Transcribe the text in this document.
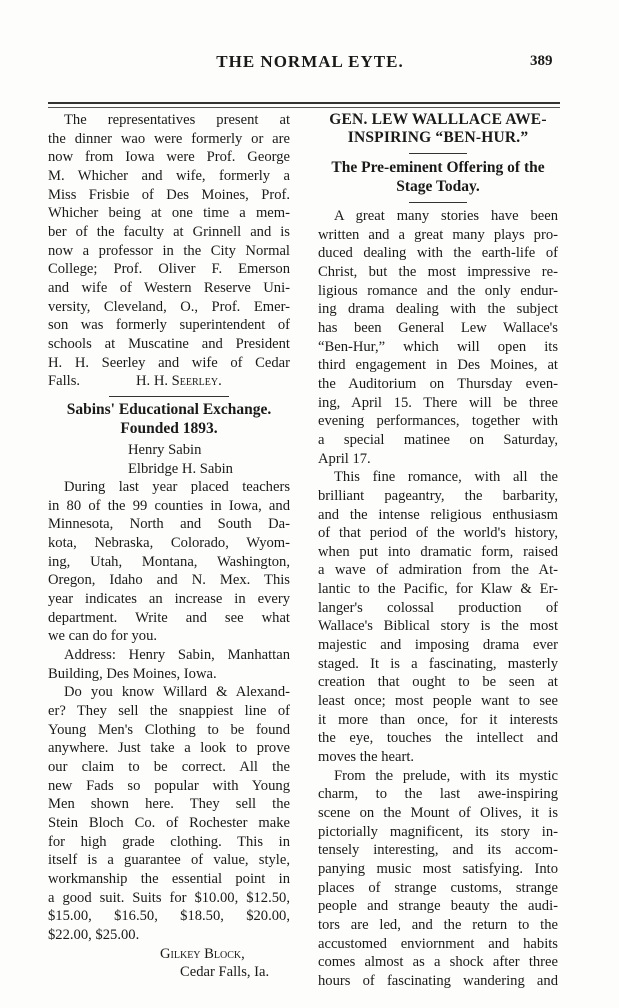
THE NORMAL EYTE.	389
The representatives present at
the dinner wao were formerly or are
now from Iowa were Prof. George
M. Whicher and wife, formerly a
Miss Frisbie of Des Moines, Prof.
Whicher being at one time a mem-
ber of the faculty at Grinnell and is
now a professor in the City Normal
College; Prof. Oliver F. Emerson
and wife of Western Reserve Uni-
versity, Cleveland, O., Prof. Emer-
son was formerly superintendent of
schools at Muscatine and President
H. H. Seerley and wife of Cedar
Falls.	H. H. Seerley.
Sabins' Educational Exchange.
Founded 1893.
Henry Sabin
Elbridge H. Sabin
During last year placed teachers
in 80 of the 99 counties in Iowa, and
Minnesota, North and South Da-
kota, Nebraska, Colorado, Wyom-
ing, Utah, Montana, Washington,
Oregon, Idaho and N. Mex. This
year indicates an increase in every
department. Write and see what
we can do for you.
Address: Henry Sabin, Manhattan
Building, Des Moines, Iowa.
Do you know Willard & Alexand-
er? They sell the snappiest line of
Young Men's Clothing to be found
anywhere. Just take a look to prove
our claim to be correct. All the
new Fads so popular with Young
Men shown here. They sell the
Stein Bloch Co. of Rochester make
for high grade clothing. This in
itself is a guarantee of value, style,
workmanship the essential point in
a good suit. Suits for $10.00, $12.50,
$15.00, $16.50, $18.50, $20.00,
$22.00, $25.00.
Gilkey Block,
Cedar Falls, Ia.
GEN. LEW WALLLACE AWE-
INSPIRING “BEN-HUR.”
The Pre-eminent Offering of the
Stage Today.
A great many stories have been
written and a great many plays pro-
duced dealing with the earth-life of
Christ, but the most impressive re-
ligious romance and the only endur-
ing drama dealing with the subject
has been General Lew Wallace's
“Ben-Hur,” which will open its
third engagement in Des Moines, at
the Auditorium on Thursday even-
ing, April 15. There will be three
evening performances, together with
a special matinee on Saturday,
April 17.
This fine romance, with all the
brilliant pageantry, the barbarity,
and the intense religious enthusiasm
of that period of the world's history,
when put into dramatic form, raised
a wave of admiration from the At-
lantic to the Pacific, for Klaw & Er-
langer's colossal production of
Wallace's Biblical story is the most
majestic and imposing drama ever
staged. It is a fascinating, masterly
creation that ought to be seen at
least once; most people want to see
it more than once, for it interests
the eye, touches the intellect and
moves the heart.
From the prelude, with its mystic
charm, to the last awe-inspiring
scene on the Mount of Olives, it is
pictorially magnificent, its story in-
tensely interesting, and its accom-
panying music most satisfying. Into
places of strange customs, strange
people and strange beauty the audi-
tors are led, and the return to the
accustomed enviornment and habits
comes almost as a shock after three
hours of fascinating wandering and
